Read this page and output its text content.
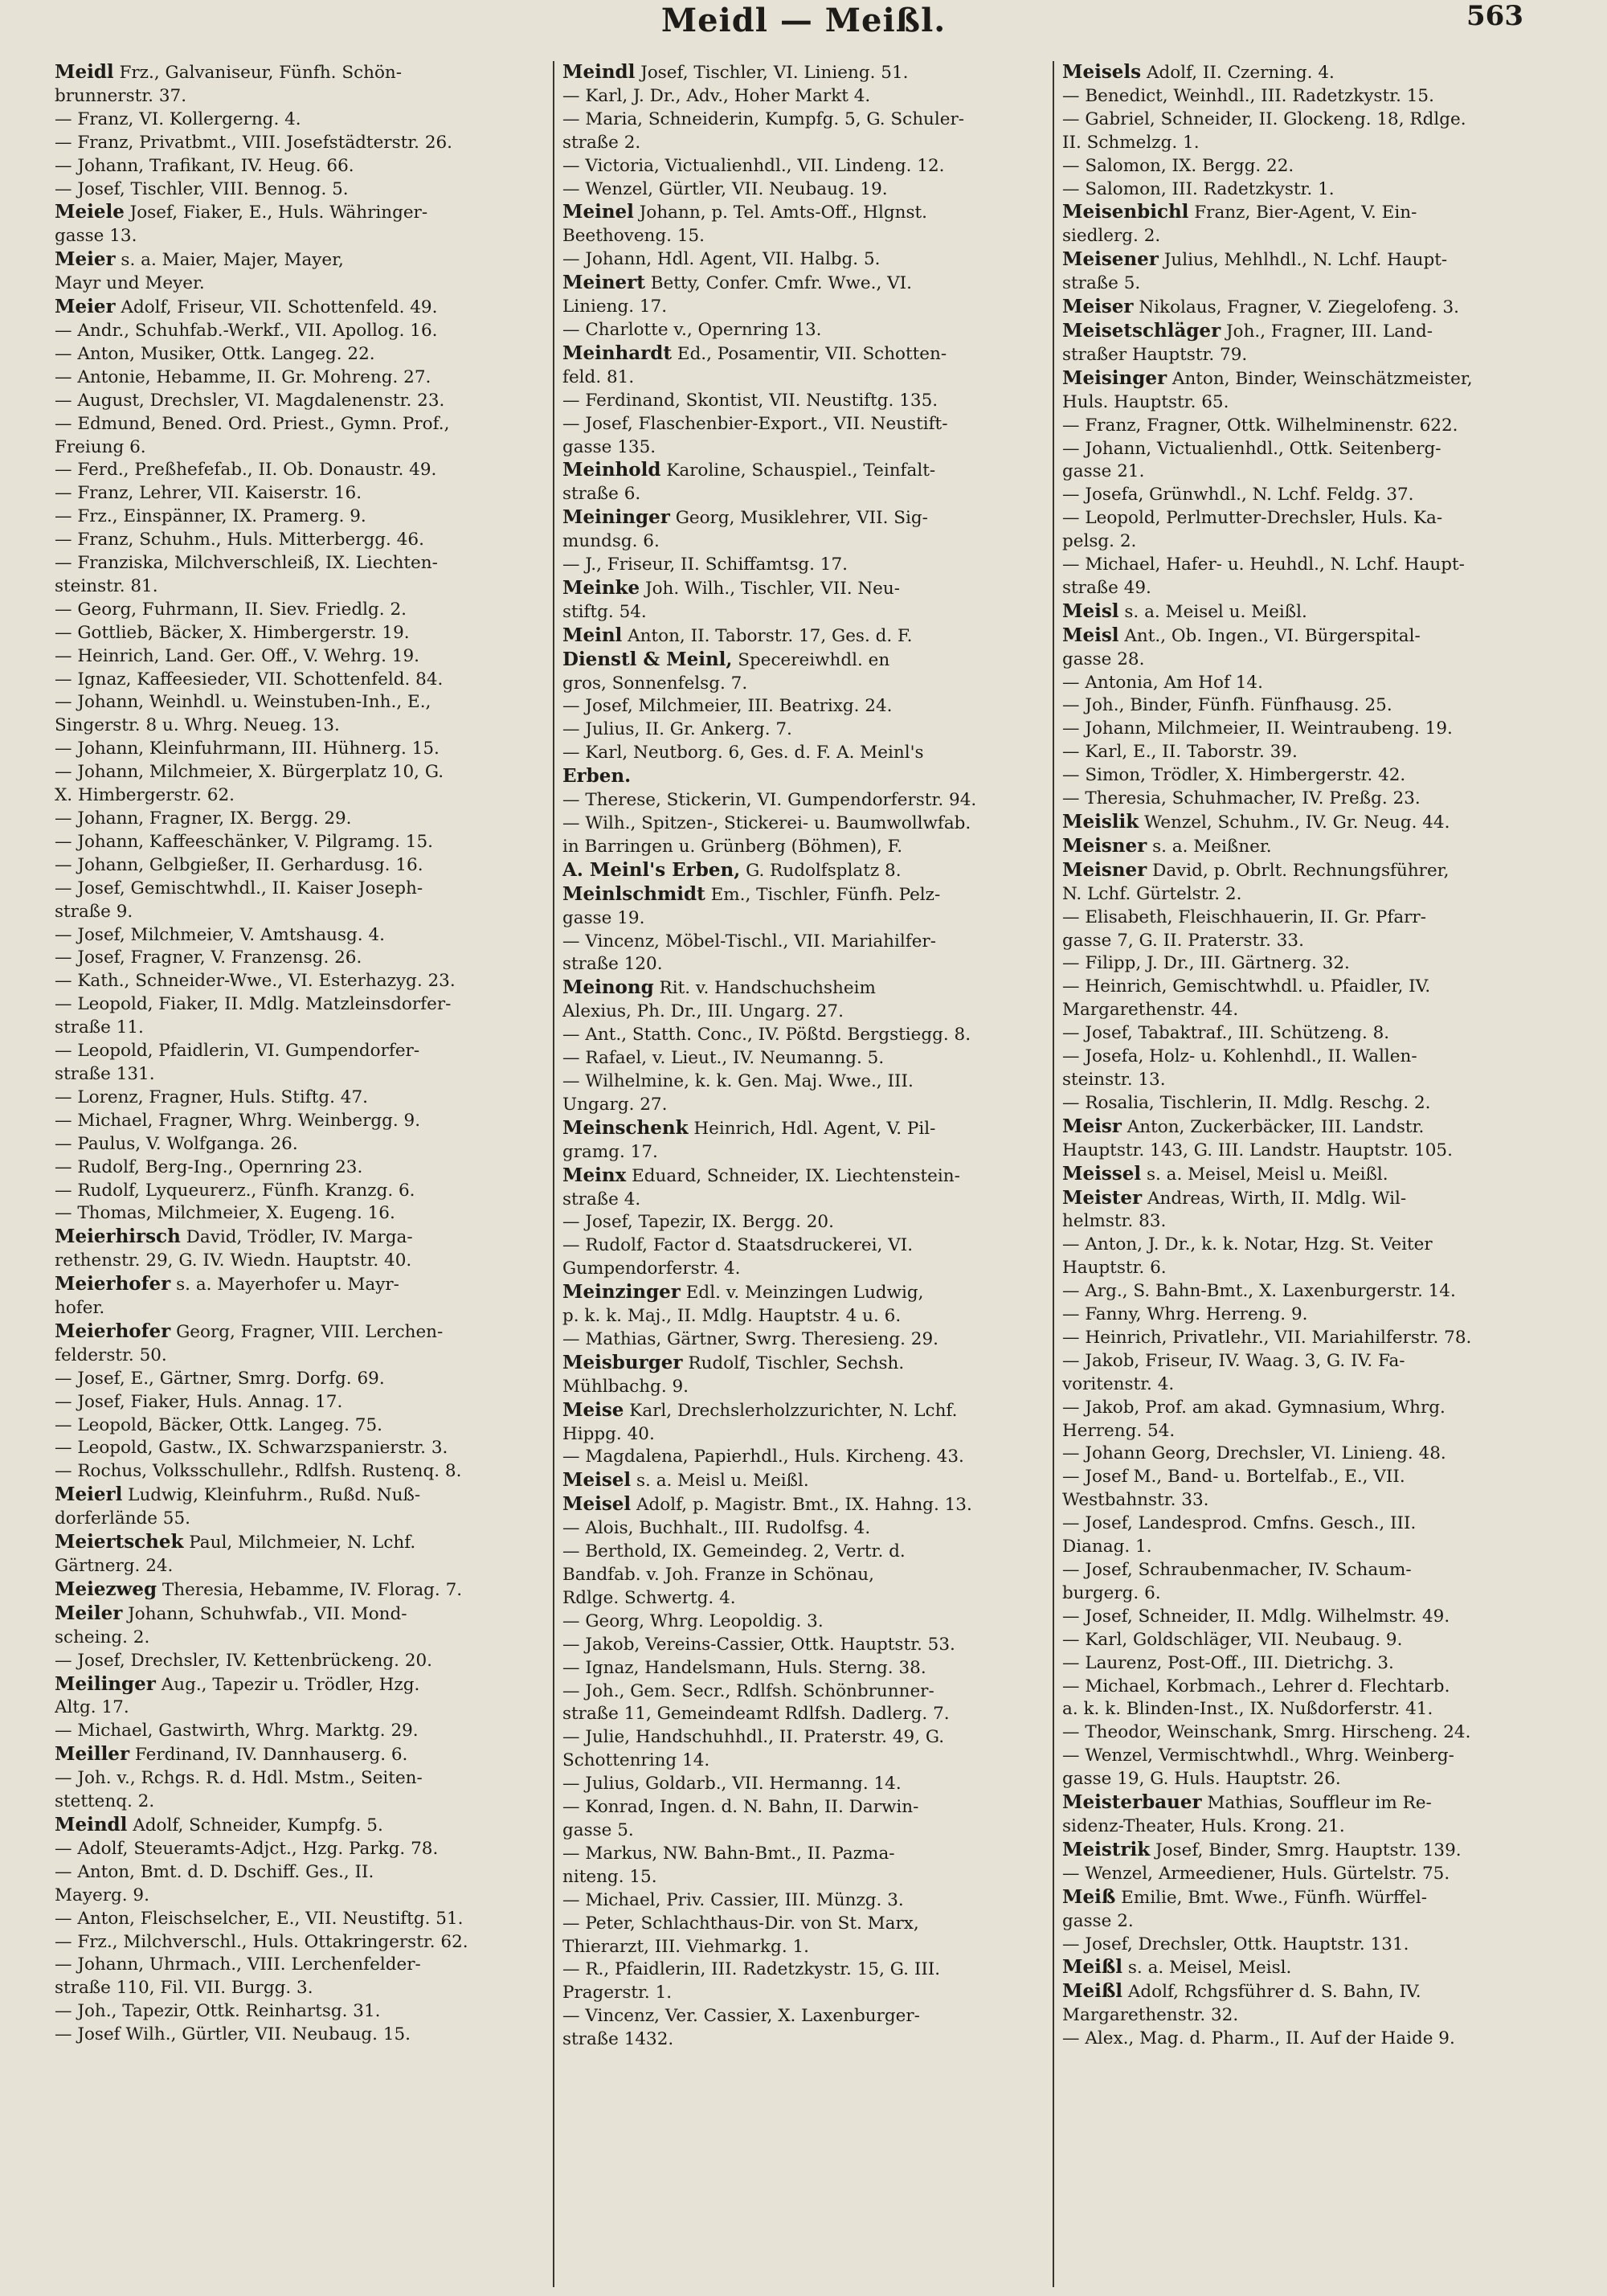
Meidl — Meißl.	563
Meidl Frz., Galvaniseur, Fünfh. Schön-
brunnerstr. 37.
— Franz, VI. Kollergerng. 4.
— Franz, Privatbmt., VIII. Josefstädterstr. 26.
— Johann, Trafikant, IV. Heug. 66.
— Josef, Tischler, VIII. Bennog. 5.
Meiele Josef, Fiaker, E., Huls. Währinger-
gasse 13.
Meier s. a. Maier, Majer, Mayer,
Mayr und Meyer.
Meier Adolf, Friseur, VII. Schottenfeld. 49.
— Andr., Schuhfab.-Werkf., VII. Apollog. 16.
— Anton, Musiker, Ottk. Langeg. 22.
— Antonie, Hebamme, II. Gr. Mohreng. 27.
— August, Drechsler, VI. Magdalenenstr. 23.
— Edmund, Bened. Ord. Priest., Gymn. Prof.,
Freiung 6.
— Ferd., Preßhefefab., II. Ob. Donaustr. 49.
— Franz, Lehrer, VII. Kaiserstr. 16.
— Frz., Einspänner, IX. Pramerg. 9.
— Franz, Schuhm., Huls. Mitterbergg. 46.
— Franziska, Milchverschleiß, IX. Liechten-
steinstr. 81.
— Georg, Fuhrmann, II. Siev. Friedlg. 2.
— Gottlieb, Bäcker, X. Himbergerstr. 19.
— Heinrich, Land. Ger. Off., V. Wehrg. 19.
— Ignaz, Kaffeesieder, VII. Schottenfeld. 84.
— Johann, Weinhdl. u. Weinstuben-Inh., E.,
Singerstr. 8 u. Whrg. Neueg. 13.
— Johann, Kleinfuhrmann, III. Hühnerg. 15.
— Johann, Milchmeier, X. Bürgerplatz 10, G.
X. Himbergerstr. 62.
— Johann, Fragner, IX. Bergg. 29.
— Johann, Kaffeeschänker, V. Pilgramg. 15.
— Johann, Gelbgießer, II. Gerhardusg. 16.
— Josef, Gemischtwhdl., II. Kaiser Joseph-
straße 9.
— Josef, Milchmeier, V. Amtshausg. 4.
— Josef, Fragner, V. Franzensg. 26.
— Kath., Schneider-Wwe., VI. Esterhazyg. 23.
— Leopold, Fiaker, II. Mdlg. Matzleinsdorfer-
straße 11.
— Leopold, Pfaidlerin, VI. Gumpendorfer-
straße 131.
— Lorenz, Fragner, Huls. Stiftg. 47.
— Michael, Fragner, Whrg. Weinbergg. 9.
— Paulus, V. Wolfganga. 26.
— Rudolf, Berg-Ing., Opernring 23.
— Rudolf, Lyqueurerz., Fünfh. Kranzg. 6.
— Thomas, Milchmeier, X. Eugeng. 16.
Meierhirsch David, Trödler, IV. Marga-
rethenstr. 29, G. IV. Wiedn. Hauptstr. 40.
Meierhofer s. a. Mayerhofer u. Mayr-
hofer.
Meierhofer Georg, Fragner, VIII. Lerchen-
felderstr. 50.
— Josef, E., Gärtner, Smrg. Dorfg. 69.
— Josef, Fiaker, Huls. Annag. 17.
— Leopold, Bäcker, Ottk. Langeg. 75.
— Leopold, Gastw., IX. Schwarzspanierstr. 3.
— Rochus, Volksschullehr., Rdlfsh. Rustenq. 8.
Meierl Ludwig, Kleinfuhrm., Rußd. Nuß-
dorferlände 55.
Meiertschek Paul, Milchmeier, N. Lchf.
Gärtnerg. 24.
Meiezweg Theresia, Hebamme, IV. Florag. 7.
Meiler Johann, Schuhwfab., VII. Mond-
scheing. 2.
— Josef, Drechsler, IV. Kettenbrückeng. 20.
Meilinger Aug., Tapezir u. Trödler, Hzg.
Altg. 17.
— Michael, Gastwirth, Whrg. Marktg. 29.
Meiller Ferdinand, IV. Dannhauserg. 6.
— Joh. v., Rchgs. R. d. Hdl. Mstm., Seiten-
stettenq. 2.
Meindl Adolf, Schneider, Kumpfg. 5.
— Adolf, Steueramts-Adjct., Hzg. Parkg. 78.
— Anton, Bmt. d. D. Dschiff. Ges., II.
Mayerg. 9.
— Anton, Fleischselcher, E., VII. Neustiftg. 51.
— Frz., Milchverschl., Huls. Ottakringerstr. 62.
— Johann, Uhrmach., VIII. Lerchenfelder-
straße 110, Fil. VII. Burgg. 3.
— Joh., Tapezir, Ottk. Reinhartsg. 31.
— Josef Wilh., Gürtler, VII. Neubaug. 15.
Meindl Josef, Tischler, VI. Linieng. 51.
— Karl, J. Dr., Adv., Hoher Markt 4.
— Maria, Schneiderin, Kumpfg. 5, G. Schuler-
straße 2.
— Victoria, Victualienhdl., VII. Lindeng. 12.
— Wenzel, Gürtler, VII. Neubaug. 19.
Meinel Johann, p. Tel. Amts-Off., Hlgnst.
Beethoveng. 15.
— Johann, Hdl. Agent, VII. Halbg. 5.
Meinert Betty, Confer. Cmfr. Wwe., VI.
Linieng. 17.
— Charlotte v., Opernring 13.
Meinhardt Ed., Posamentir, VII. Schotten-
feld. 81.
— Ferdinand, Skontist, VII. Neustiftg. 135.
— Josef, Flaschenbier-Export., VII. Neustift-
gasse 135.
Meinhold Karoline, Schauspiel., Teinfalt-
straße 6.
Meininger Georg, Musiklehrer, VII. Sig-
mundsg. 6.
— J., Friseur, II. Schiffamtsg. 17.
Meinke Joh. Wilh., Tischler, VII. Neu-
stiftg. 54.
Meinl Anton, II. Taborstr. 17, Ges. d. F.
Dienstl & Meinl, Specereiwhdl. en
gros, Sonnenfelsg. 7.
— Josef, Milchmeier, III. Beatrixg. 24.
— Julius, II. Gr. Ankerg. 7.
— Karl, Neutborg. 6, Ges. d. F. A. Meinl's
Erben.
— Therese, Stickerin, VI. Gumpendorferstr. 94.
— Wilh., Spitzen-, Stickerei- u. Baumwollwfab.
in Barringen u. Grünberg (Böhmen), F.
A. Meinl's Erben, G. Rudolfsplatz 8.
Meinlschmidt Em., Tischler, Fünfh. Pelz-
gasse 19.
— Vincenz, Möbel-Tischl., VII. Mariahilfer-
straße 120.
Meinong Rit. v. Handschuchsheim
Alexius, Ph. Dr., III. Ungarg. 27.
— Ant., Statth. Conc., IV. Pößtd. Bergstiegg. 8.
— Rafael, v. Lieut., IV. Neumanng. 5.
— Wilhelmine, k. k. Gen. Maj. Wwe., III.
Ungarg. 27.
Meinschenk Heinrich, Hdl. Agent, V. Pil-
gramg. 17.
Meinx Eduard, Schneider, IX. Liechtenstein-
straße 4.
— Josef, Tapezir, IX. Bergg. 20.
— Rudolf, Factor d. Staatsdruckerei, VI.
Gumpendorferstr. 4.
Meinzinger Edl. v. Meinzingen Ludwig,
p. k. k. Maj., II. Mdlg. Hauptstr. 4 u. 6.
— Mathias, Gärtner, Swrg. Theresieng. 29.
Meisburger Rudolf, Tischler, Sechsh.
Mühlbachg. 9.
Meise Karl, Drechslerholzzurichter, N. Lchf.
Hippg. 40.
— Magdalena, Papierhdl., Huls. Kircheng. 43.
Meisel s. a. Meisl u. Meißl.
Meisel Adolf, p. Magistr. Bmt., IX. Hahng. 13.
— Alois, Buchhalt., III. Rudolfsg. 4.
— Berthold, IX. Gemeindeg. 2, Vertr. d.
Bandfab. v. Joh. Franze in Schönau,
Rdlge. Schwertg. 4.
— Georg, Whrg. Leopoldig. 3.
— Jakob, Vereins-Cassier, Ottk. Hauptstr. 53.
— Ignaz, Handelsmann, Huls. Sterng. 38.
— Joh., Gem. Secr., Rdlfsh. Schönbrunner-
straße 11, Gemeindeamt Rdlfsh. Dadlerg. 7.
— Julie, Handschuhhdl., II. Praterstr. 49, G.
Schottenring 14.
— Julius, Goldarb., VII. Hermanng. 14.
— Konrad, Ingen. d. N. Bahn, II. Darwin-
gasse 5.
— Markus, NW. Bahn-Bmt., II. Pazma-
niteng. 15.
— Michael, Priv. Cassier, III. Münzg. 3.
— Peter, Schlachthaus-Dir. von St. Marx,
Thierarzt, III. Viehmarkg. 1.
— R., Pfaidlerin, III. Radetzkystr. 15, G. III.
Pragerstr. 1.
— Vincenz, Ver. Cassier, X. Laxenburger-
straße 1432.
Meisels Adolf, II. Czerning. 4.
— Benedict, Weinhdl., III. Radetzkystr. 15.
— Gabriel, Schneider, II. Glockeng. 18, Rdlge.
II. Schmelzg. 1.
— Salomon, IX. Bergg. 22.
— Salomon, III. Radetzkystr. 1.
Meisenbichl Franz, Bier-Agent, V. Ein-
siedlerg. 2.
Meisener Julius, Mehlhdl., N. Lchf. Haupt-
straße 5.
Meiser Nikolaus, Fragner, V. Ziegelofeng. 3.
Meisetschläger Joh., Fragner, III. Land-
straßer Hauptstr. 79.
Meisinger Anton, Binder, Weinschätzmeister,
Huls. Hauptstr. 65.
— Franz, Fragner, Ottk. Wilhelminenstr. 622.
— Johann, Victualienhdl., Ottk. Seitenberg-
gasse 21.
— Josefa, Grünwhdl., N. Lchf. Feldg. 37.
— Leopold, Perlmutter-Drechsler, Huls. Ka-
pelsg. 2.
— Michael, Hafer- u. Heuhdl., N. Lchf. Haupt-
straße 49.
Meisl s. a. Meisel u. Meißl.
Meisl Ant., Ob. Ingen., VI. Bürgerspital-
gasse 28.
— Antonia, Am Hof 14.
— Joh., Binder, Fünfh. Fünfhausg. 25.
— Johann, Milchmeier, II. Weintraubeng. 19.
— Karl, E., II. Taborstr. 39.
— Simon, Trödler, X. Himbergerstr. 42.
— Theresia, Schuhmacher, IV. Preßg. 23.
Meislik Wenzel, Schuhm., IV. Gr. Neug. 44.
Meisner s. a. Meißner.
Meisner David, p. Obrlt. Rechnungsführer,
N. Lchf. Gürtelstr. 2.
— Elisabeth, Fleischhauerin, II. Gr. Pfarr-
gasse 7, G. II. Praterstr. 33.
— Filipp, J. Dr., III. Gärtnerg. 32.
— Heinrich, Gemischtwhdl. u. Pfaidler, IV.
Margarethenstr. 44.
— Josef, Tabaktraf., III. Schützeng. 8.
— Josefa, Holz- u. Kohlenhdl., II. Wallen-
steinstr. 13.
— Rosalia, Tischlerin, II. Mdlg. Reschg. 2.
Meisr Anton, Zuckerbäcker, III. Landstr.
Hauptstr. 143, G. III. Landstr. Hauptstr. 105.
Meissel s. a. Meisel, Meisl u. Meißl.
Meister Andreas, Wirth, II. Mdlg. Wil-
helmstr. 83.
— Anton, J. Dr., k. k. Notar, Hzg. St. Veiter
Hauptstr. 6.
— Arg., S. Bahn-Bmt., X. Laxenburgerstr. 14.
— Fanny, Whrg. Herreng. 9.
— Heinrich, Privatlehr., VII. Mariahilferstr. 78.
— Jakob, Friseur, IV. Waag. 3, G. IV. Fa-
voritenstr. 4.
— Jakob, Prof. am akad. Gymnasium, Whrg.
Herreng. 54.
— Johann Georg, Drechsler, VI. Linieng. 48.
— Josef M., Band- u. Bortelfab., E., VII.
Westbahnstr. 33.
— Josef, Landesprod. Cmfns. Gesch., III.
Dianag. 1.
— Josef, Schraubenmacher, IV. Schaum-
burgerg. 6.
— Josef, Schneider, II. Mdlg. Wilhelmstr. 49.
— Karl, Goldschläger, VII. Neubaug. 9.
— Laurenz, Post-Off., III. Dietrichg. 3.
— Michael, Korbmach., Lehrer d. Flechtarb.
a. k. k. Blinden-Inst., IX. Nußdorferstr. 41.
— Theodor, Weinschank, Smrg. Hirscheng. 24.
— Wenzel, Vermischtwhdl., Whrg. Weinberg-
gasse 19, G. Huls. Hauptstr. 26.
Meisterbauer Mathias, Souffleur im Re-
sidenz-Theater, Huls. Krong. 21.
Meistrik Josef, Binder, Smrg. Hauptstr. 139.
— Wenzel, Armeediener, Huls. Gürtelstr. 75.
Meiß Emilie, Bmt. Wwe., Fünfh. Würffel-
gasse 2.
— Josef, Drechsler, Ottk. Hauptstr. 131.
Meißl s. a. Meisel, Meisl.
Meißl Adolf, Rchgsführer d. S. Bahn, IV.
Margarethenstr. 32.
— Alex., Mag. d. Pharm., II. Auf der Haide 9.
